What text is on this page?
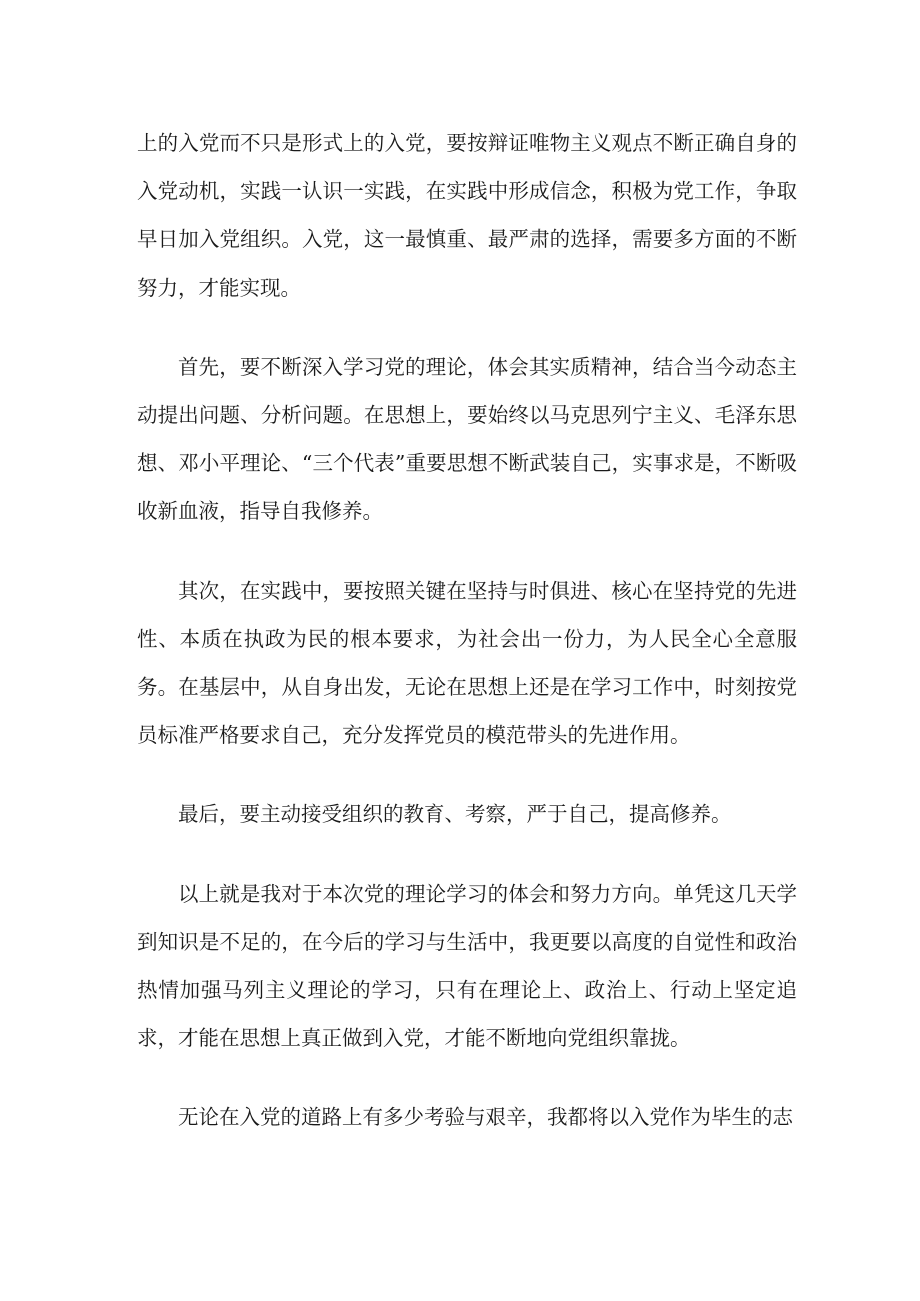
上的入党而不只是形式上的入党，要按辩证唯物主义观点不断正确自身的入党动机，实践一认识一实践，在实践中形成信念，积极为党工作，争取早日加入党组织。入党，这一最慎重、最严肃的选择，需要多方面的不断努力，才能实现。

首先，要不断深入学习党的理论，体会其实质精神，结合当今动态主动提出问题、分析问题。在思想上，要始终以马克思列宁主义、毛泽东思想、邓小平理论、“三个代表”重要思想不断武装自己，实事求是，不断吸收新血液，指导自我修养。

其次，在实践中，要按照关键在坚持与时俱进、核心在坚持党的先进性、本质在执政为民的根本要求，为社会出一份力，为人民全心全意服务。在基层中，从自身出发，无论在思想上还是在学习工作中，时刻按党员标准严格要求自己，充分发挥党员的模范带头的先进作用。

最后，要主动接受组织的教育、考察，严于自己，提高修养。

以上就是我对于本次党的理论学习的体会和努力方向。单凭这几天学到知识是不足的，在今后的学习与生活中，我更要以高度的自觉性和政治热情加强马列主义理论的学习，只有在理论上、政治上、行动上坚定追求，才能在思想上真正做到入党，才能不断地向党组织靠拢。

无论在入党的道路上有多少考验与艰辛，我都将以入党作为毕生的志
